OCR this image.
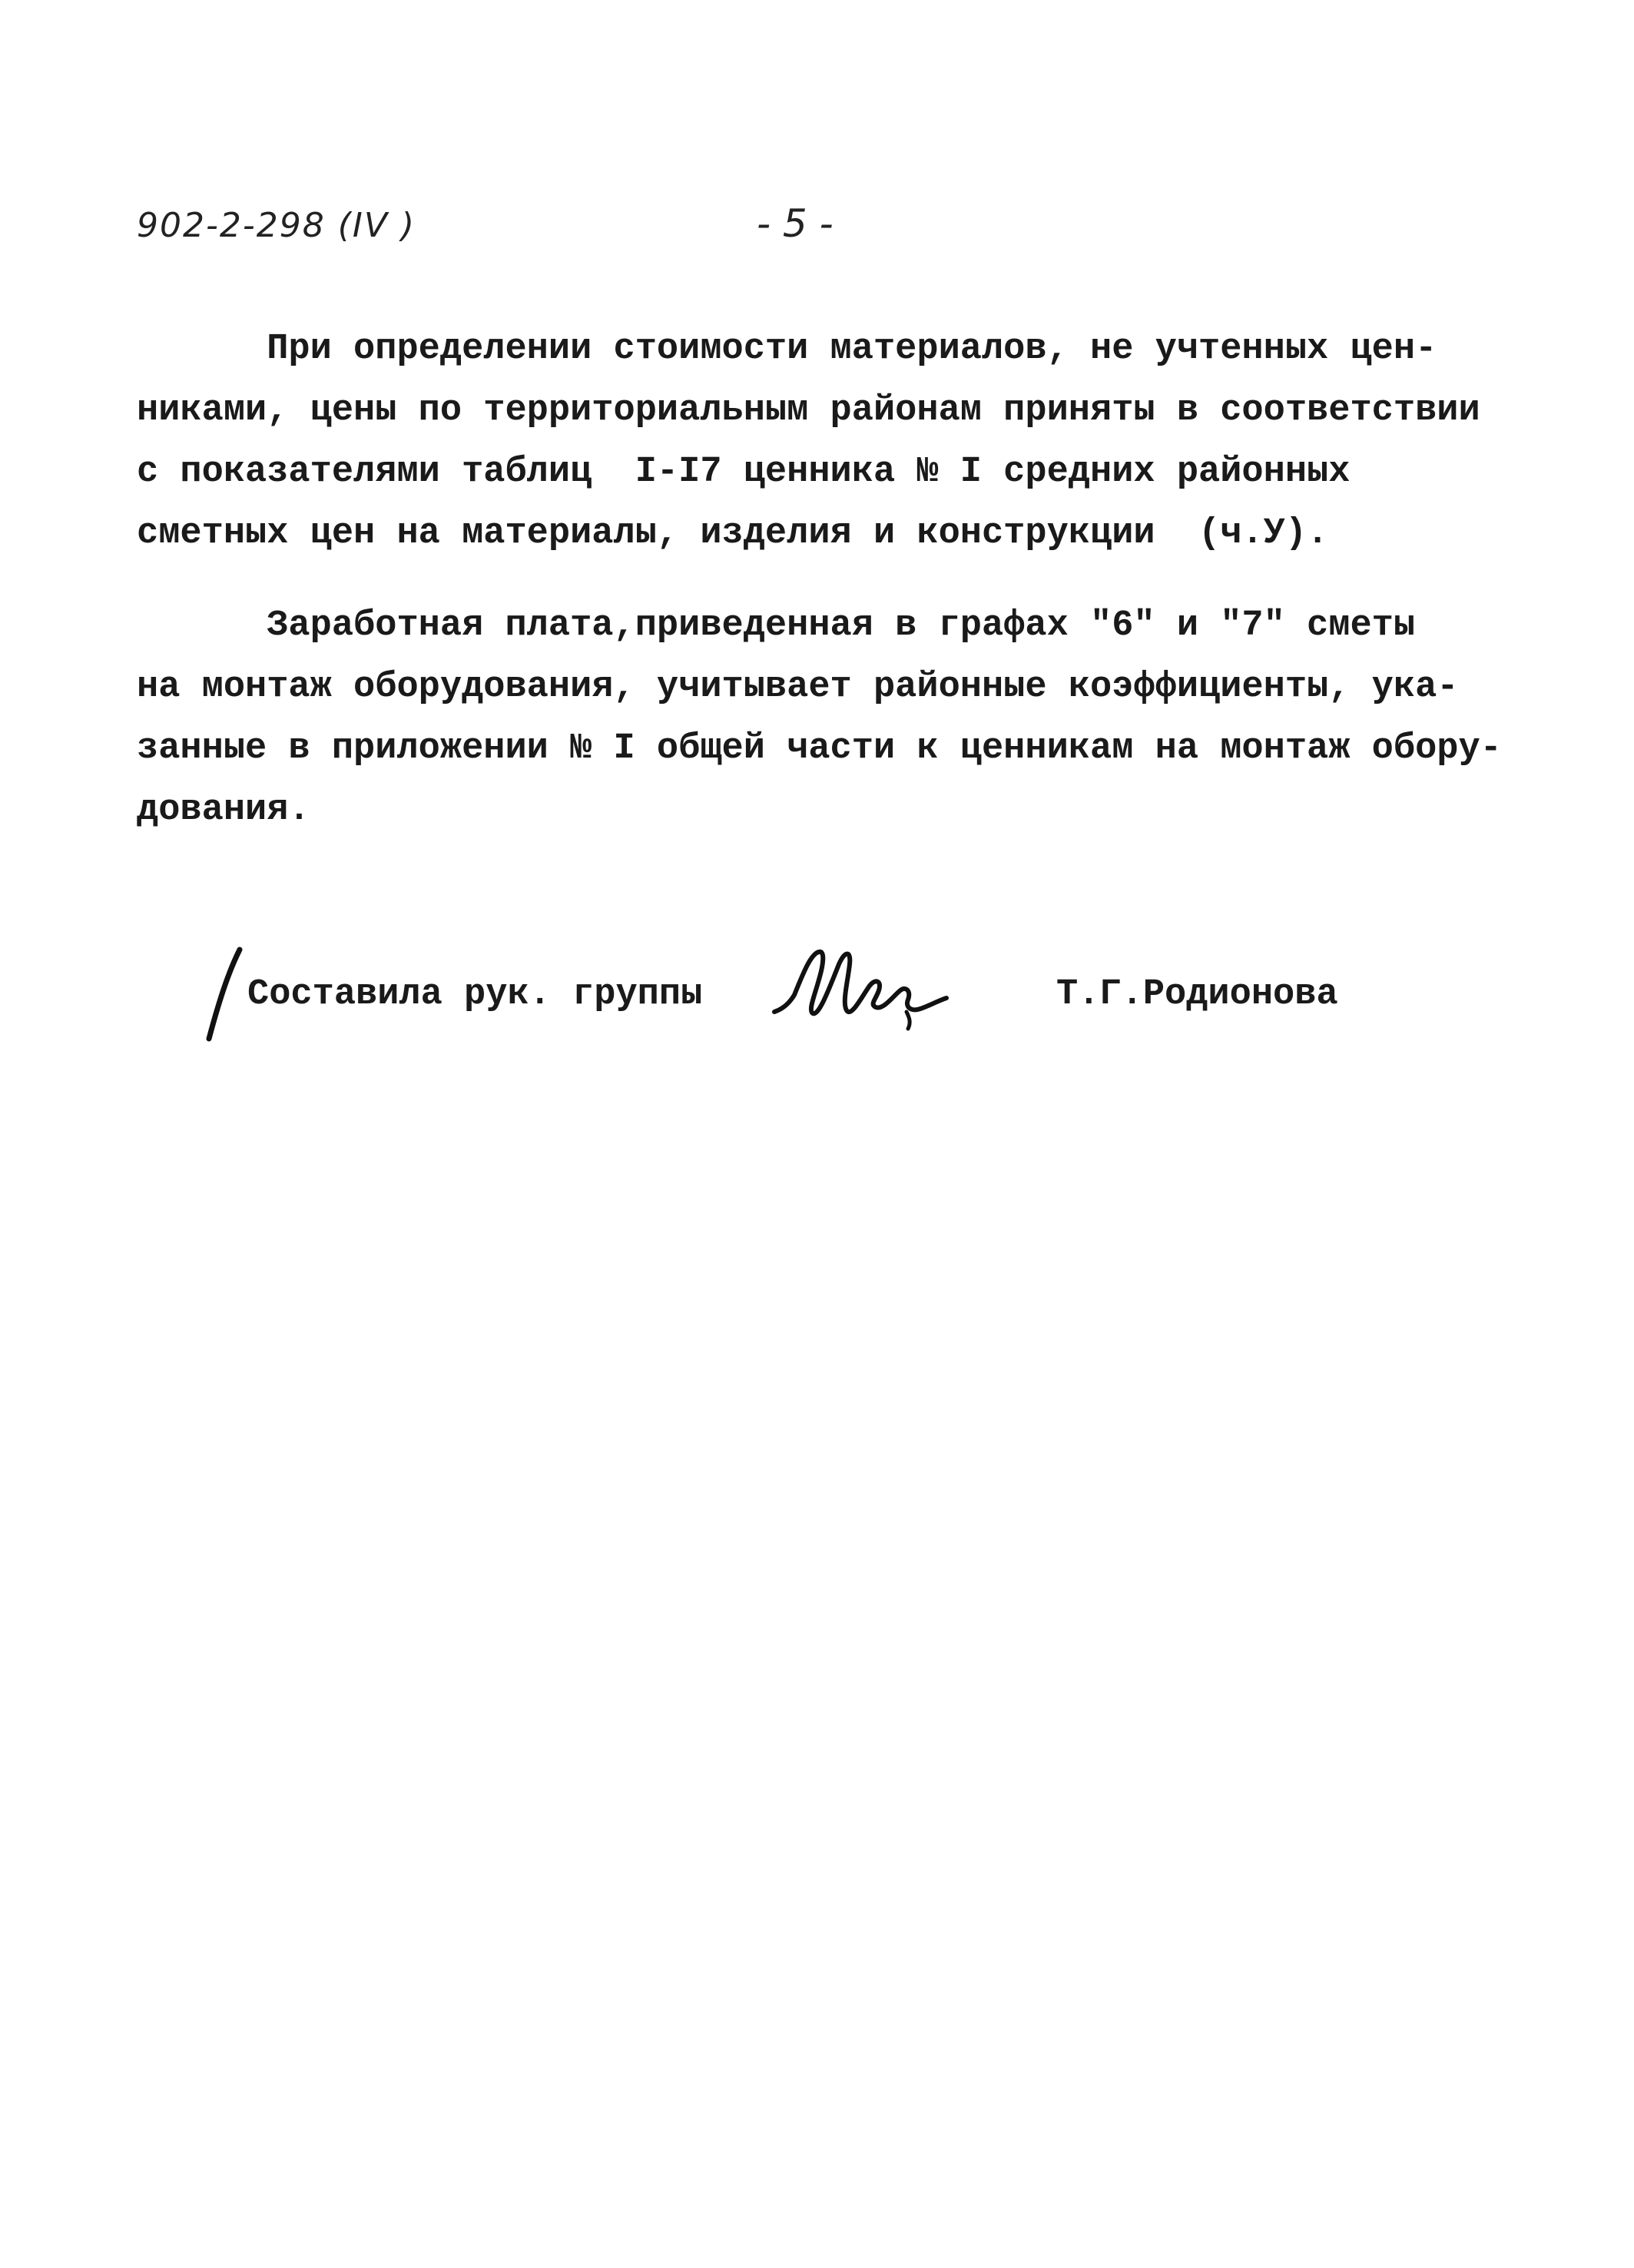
902-2-298 (IV )	- 5 -
При определении стоимости материалов, не учтенных цен-
никами, цены по территориальным районам приняты в соответствии
с показателями таблиц  I-I7 ценника № I средних районных
сметных цен на материалы, изделия и конструкции  (ч.У).
Заработная плата,приведенная в графах "6" и "7" сметы
на монтаж оборудования, учитывает районные коэффициенты, ука-
занные в приложении № I общей части к ценникам на монтаж обору-
дования.
Составила рук. группы	Т.Г.Родионова
